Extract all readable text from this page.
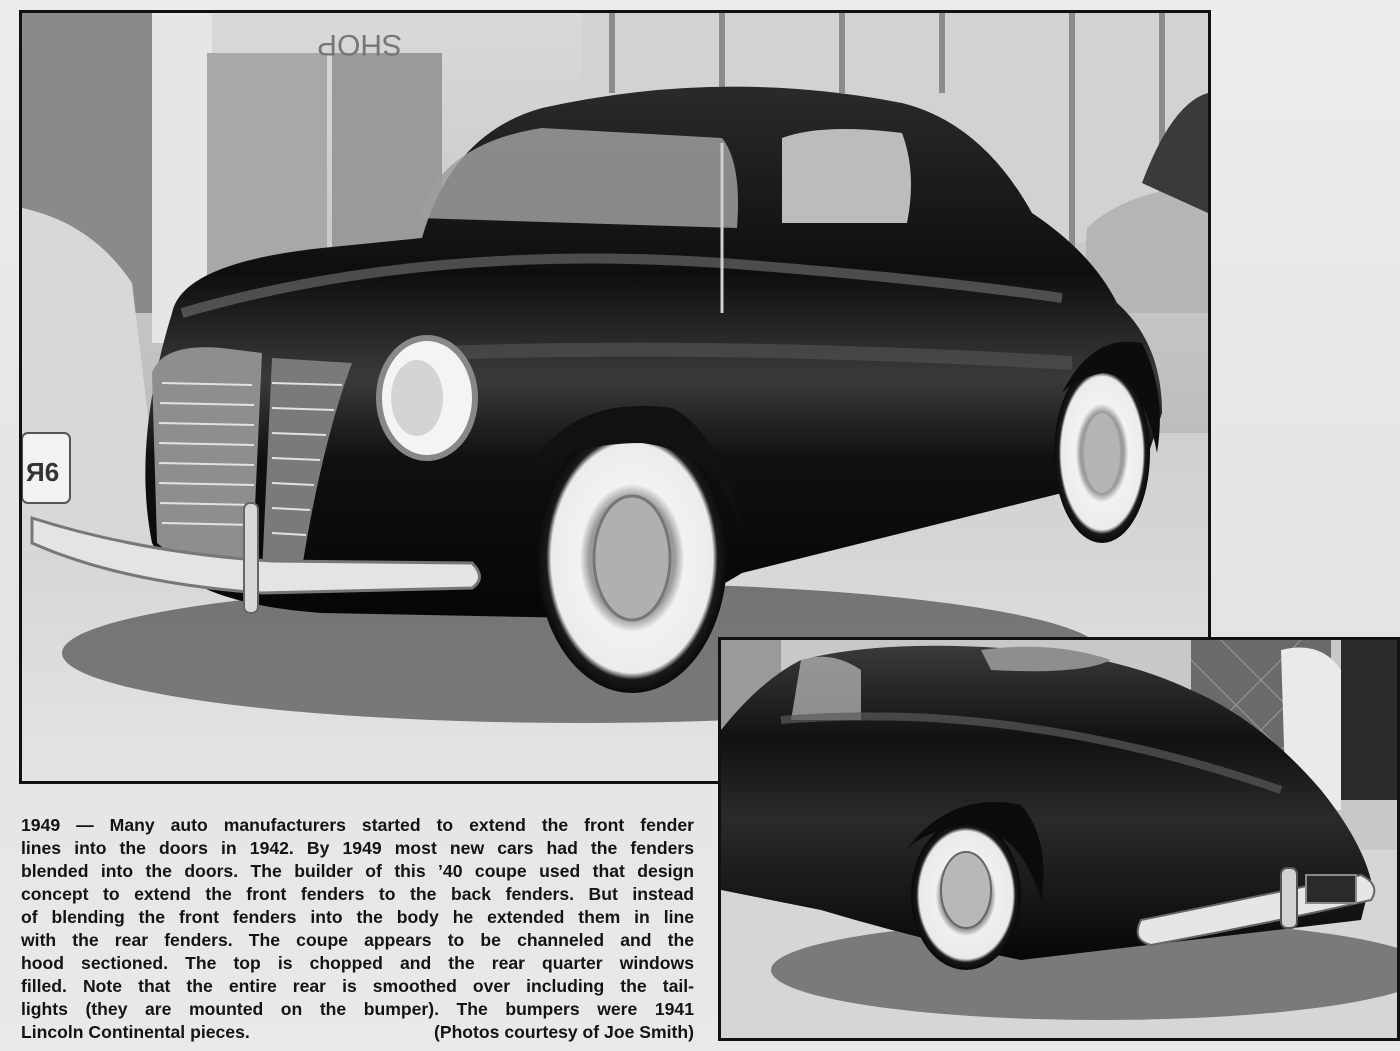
SHOP
Я6
1949 — Many auto manufacturers started to extend the front fender
lines into the doors in 1942. By 1949 most new cars had the fenders
blended into the doors. The builder of this ’40 coupe used that design
concept to extend the front fenders to the back fenders. But instead
of blending the front fenders into the body he extended them in line
with the rear fenders. The coupe appears to be channeled and the
hood sectioned. The top is chopped and the rear quarter windows
filled. Note that the entire rear is smoothed over including the tail-
lights (they are mounted on the bumper). The bumpers were 1941
Lincoln Continental pieces.	(Photos courtesy of Joe Smith)
